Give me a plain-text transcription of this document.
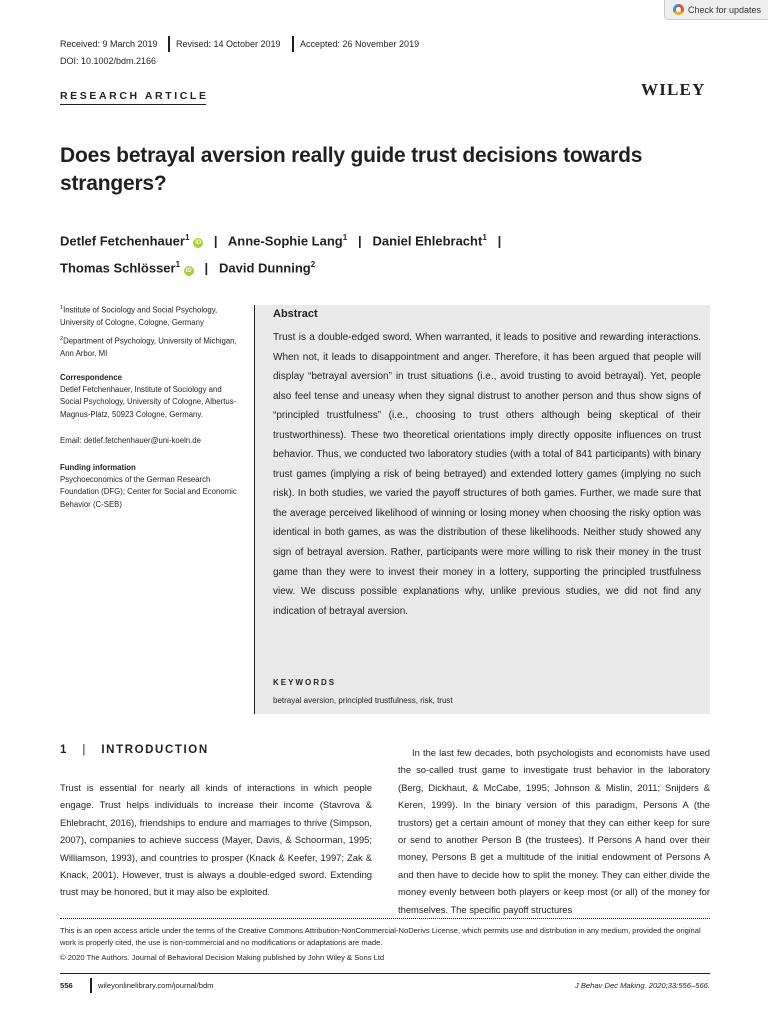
Check for updates
Received: 9 March 2019 Revised: 14 October 2019 Accepted: 26 November 2019
DOI: 10.1002/bdm.2166
RESEARCH ARTICLE	WILEY
Does betrayal aversion really guide trust decisions towards strangers?
Detlef Fetchenhauer$^1$ iD   |   Anne-Sophie Lang$^1$   |   Daniel Ehlebracht$^1$   |
Thomas Schlösser$^1$ iD   |   David Dunning$^2$
$^1$Institute of Sociology and Social Psychology, University of Cologne, Cologne, Germany
$^2$Department of Psychology, University of Michigan, Ann Arbor, MI
Correspondence
Detlef Fetchenhauer, Institute of Sociology and Social Psychology, University of Cologne, Albertus-Magnus-Platz, 50923 Cologne, Germany.
Email: detlef.fetchenhauer@uni-koeln.de
Funding information
Psychoeconomics of the German Research Foundation (DFG); Center for Social and Economic Behavior (C-SEB)
Abstract
Trust is a double-edged sword. When warranted, it leads to positive and rewarding interactions. When not, it leads to disappointment and anger. Therefore, it has been argued that people will display “betrayal aversion” in trust situations (i.e., avoid trusting to avoid betrayal). Yet, people also feel tense and uneasy when they signal distrust to another person and thus show signs of “principled trustfulness” (i.e., choosing to trust others although being skeptical of their trustworthiness). These two theoretical orientations imply directly opposite influences on trust behavior. Thus, we conducted two laboratory studies (with a total of 841 participants) with binary trust games (implying a risk of being betrayed) and extended lottery games (implying no such risk). In both studies, we varied the payoff structures of both games. Further, we made sure that the average perceived likelihood of winning or losing money when choosing the risky option was identical in both games, as was the distribution of these likelihoods. Neither study showed any sign of betrayal aversion. Rather, participants were more willing to risk their money in the trust game than they were to invest their money in a lottery, supporting the principled trustfulness view. We discuss possible explanations why, unlike previous studies, we did not find any indication of betrayal aversion.
KEYWORDS
betrayal aversion, principled trustfulness, risk, trust
1 | INTRODUCTION
Trust is essential for nearly all kinds of interactions in which people engage. Trust helps individuals to increase their income (Stavrova & Ehlebracht, 2016), friendships to endure and marriages to thrive (Simpson, 2007), companies to achieve success (Mayer, Davis, & Schoorman, 1995; Williamson, 1993), and countries to prosper (Knack & Keefer, 1997; Zak & Knack, 2001). However, trust is always a double-edged sword. Extending trust may be honored, but it may also be exploited.
In the last few decades, both psychologists and economists have used the so-called trust game to investigate trust behavior in the laboratory (Berg, Dickhaut, & McCabe, 1995; Johnson & Mislin, 2011; Snijders & Keren, 1999). In the binary version of this paradigm, Persons A (the trustors) get a certain amount of money that they can either keep for sure or send to another Person B (the trustees). If Persons A hand over their money, Persons B get a multitude of the initial endowment of Persons A and then have to decide how to split the money. They can either divide the money evenly between both players or keep most (or all) of the money for themselves. The specific payoff structures
This is an open access article under the terms of the Creative Commons Attribution-NonCommercial-NoDerivs License, which permits use and distribution in any medium, provided the original work is properly cited, the use is non-commercial and no modifications or adaptations are made.
© 2020 The Authors. Journal of Behavioral Decision Making published by John Wiley & Sons Ltd
556	wileyonlinelibrary.com/journal/bdm	J Behav Dec Making. 2020;33:556–566.
